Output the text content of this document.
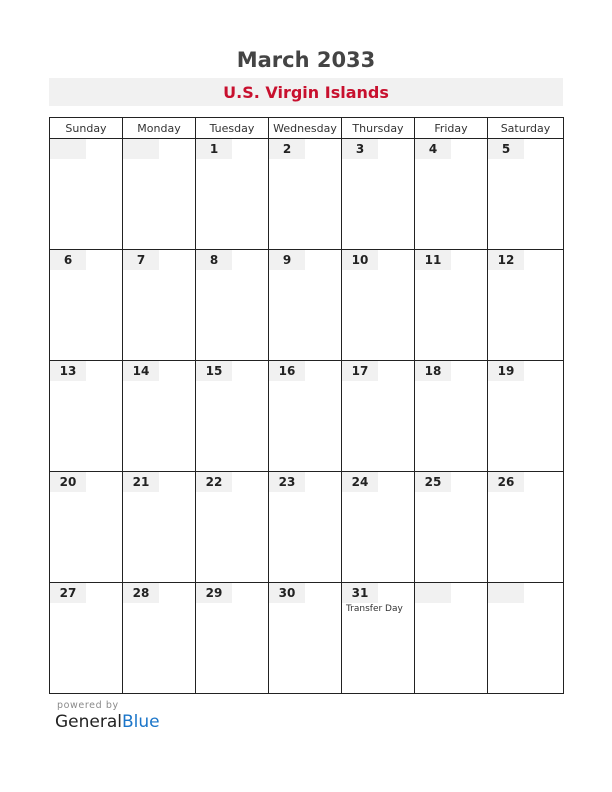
March 2033
U.S. Virgin Islands
Sunday	Monday	Tuesday	Wednesday	Thursday	Friday	Saturday

		1	2	3	4	5

6	7	8	9	10	11	12

13	14	15	16	17	18	19

20	21	22	23	24	25	26

27	28	29	30	31
Transfer Day		

powered by
GeneralBlue
